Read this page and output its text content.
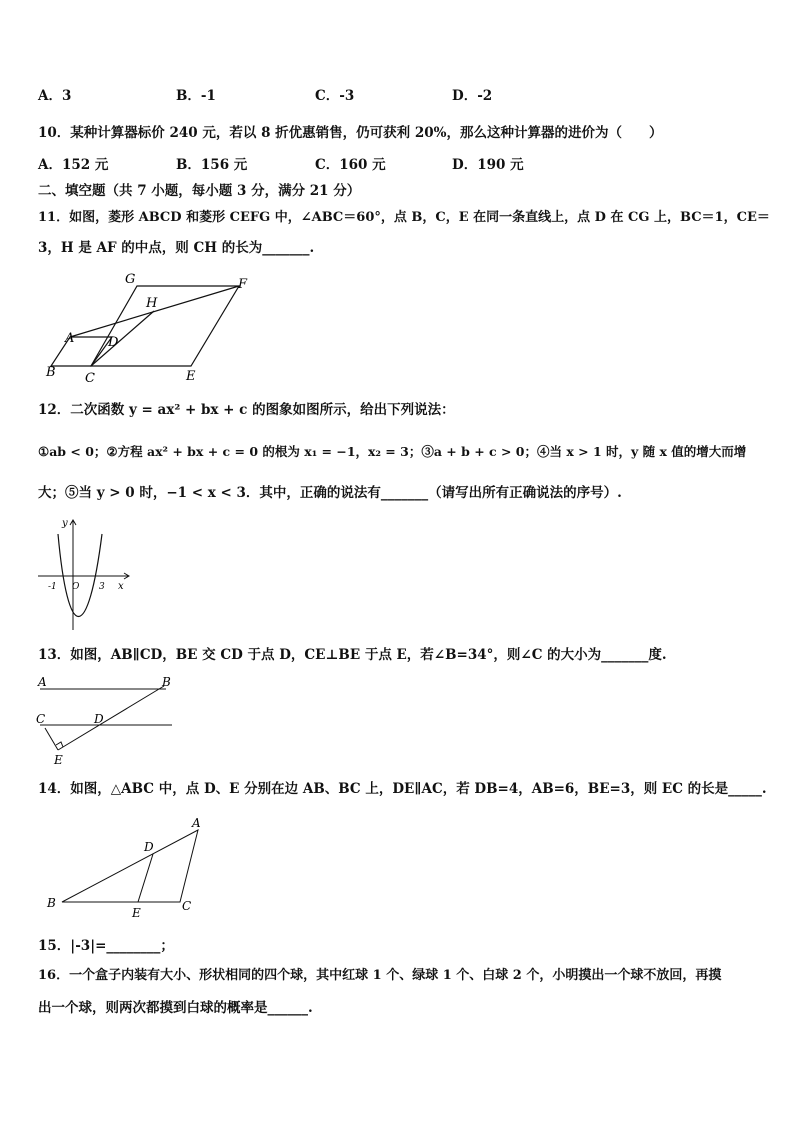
A．3	B．-1	C．-3	D．-2
10．某种计算器标价 240 元，若以 8 折优惠销售，仍可获利 20%，那么这种计算器的进价为（　　）
A．152 元	B．156 元	C．160 元	D．190 元
二、填空题（共 7 小题，每小题 3 分，满分 21 分）
11．如图，菱形 ABCD 和菱形 CEFG 中，∠ABC＝60°，点 B，C，E 在同一条直线上，点 D 在 CG 上，BC＝1，CE＝
3，H 是 AF 的中点，则 CH 的长为_______.
G	F
H
A	D
B C	E
12．二次函数 y = ax² + bx + c 的图象如图所示，给出下列说法：
①ab < 0；②方程 ax² + bx + c = 0 的根为 x₁ = −1，x₂ = 3；③a + b + c > 0；④当 x > 1 时，y 随 x 值的增大而增
大；⑤当 y > 0 时，−1 < x < 3．其中，正确的说法有_______（请写出所有正确说法的序号）.
y
-1 O 3 x
13．如图，AB∥CD，BE 交 CD 于点 D，CE⊥BE 于点 E，若∠B=34°，则∠C 的大小为_______度.
A	B
C	D
E
14．如图，△ABC 中，点 D、E 分别在边 AB、BC 上，DE∥AC，若 DB=4，AB=6，BE=3，则 EC 的长是_____.
A
D
B
E	C
15．|-3|=________；
16．一个盒子内装有大小、形状相同的四个球，其中红球 1 个、绿球 1 个、白球 2 个，小明摸出一个球不放回，再摸
出一个球，则两次都摸到白球的概率是______.
